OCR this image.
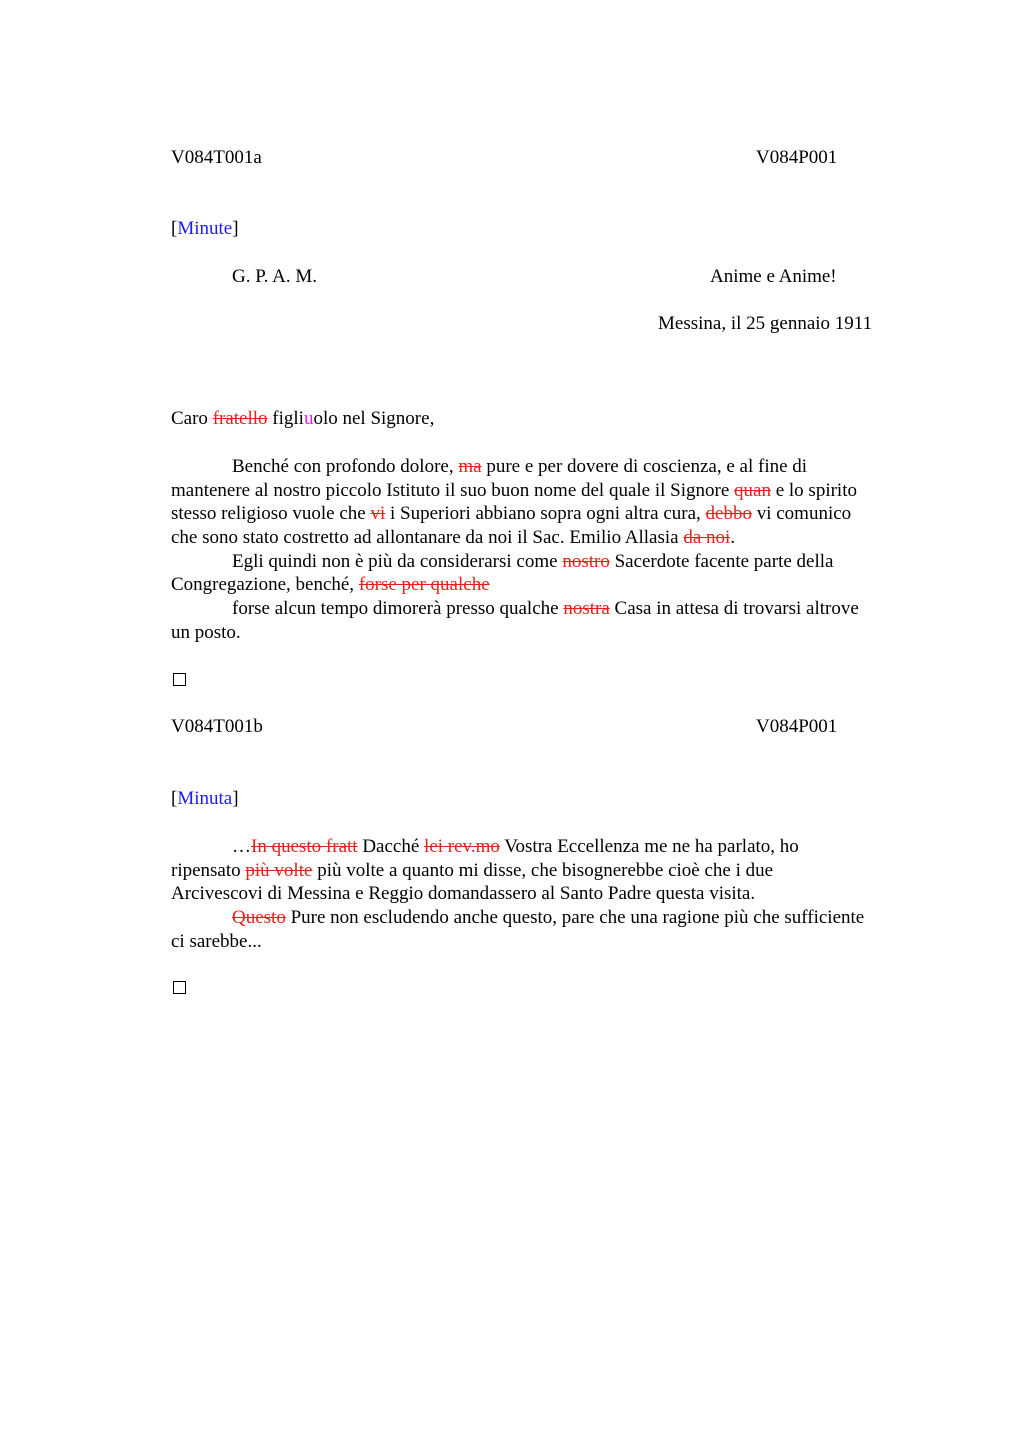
V084T001a	V084P001
[Minute]
G. P. A. M.	Anime e Anime!
Messina, il 25 gennaio 1911
Caro fratello figliuolo nel Signore,
Benché con profondo dolore, ma pure e per dovere di coscienza, e al fine di
mantenere al nostro piccolo Istituto il suo buon nome del quale il Signore quan e lo spirito
stesso religioso vuole che vi i Superiori abbiano sopra ogni altra cura, debbo vi comunico
che sono stato costretto ad allontanare da noi il Sac. Emilio Allasia da noi.
Egli quindi non è più da considerarsi come nostro Sacerdote facente parte della
Congregazione, benché, forse per qualche
forse alcun tempo dimorerà presso qualche nostra Casa in attesa di trovarsi altrove
un posto.
V084T001b	V084P001
[Minuta]
…In questo fratt Dacché lei rev.mo Vostra Eccellenza me ne ha parlato, ho
ripensato più volte più volte a quanto mi disse, che bisognerebbe cioè che i due
Arcivescovi di Messina e Reggio domandassero al Santo Padre questa visita.
Questo Pure non escludendo anche questo, pare che una ragione più che sufficiente
ci sarebbe...
